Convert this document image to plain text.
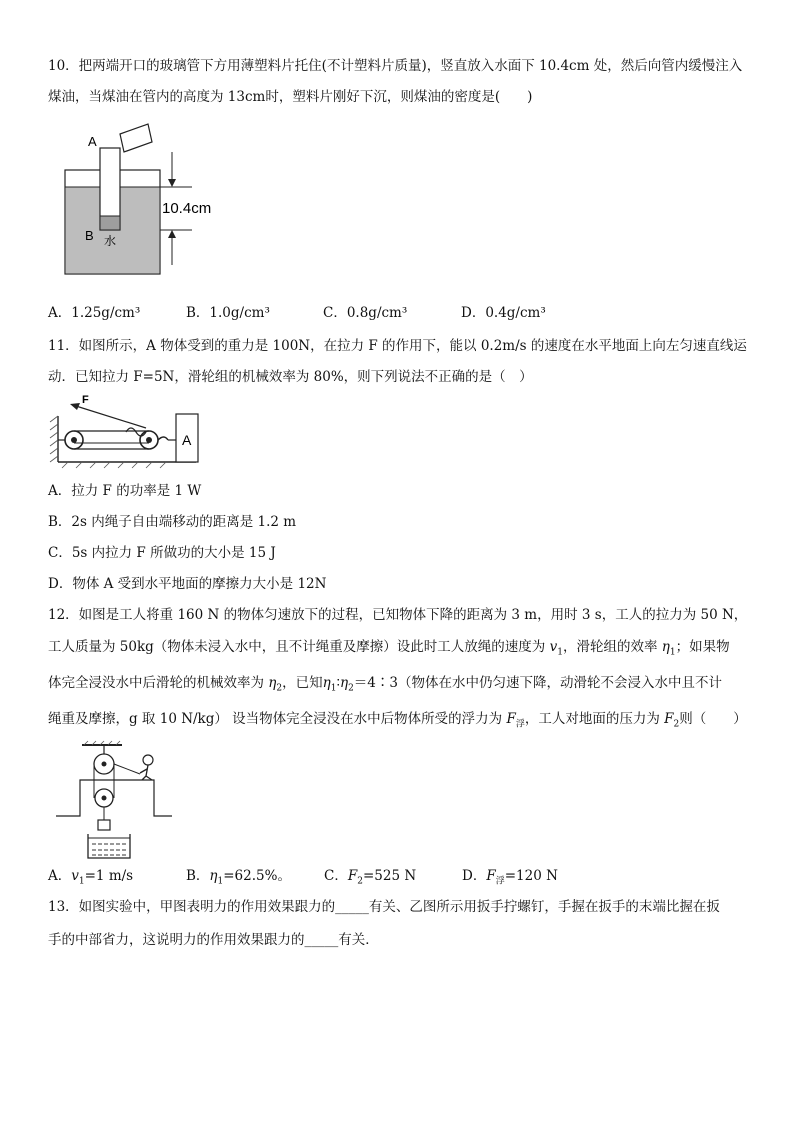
10．把两端开口的玻璃管下方用薄塑料片托住(不计塑料片质量)，竖直放入水面下 10.4cm 处，然后向管内缓慢注入
煤油，当煤油在管内的高度为 13cm时，塑料片刚好下沉，则煤油的密度是(　　)
A
B 水
10.4cm
A．1.25g/cm³	B．1.0g/cm³	C．0.8g/cm³	D．0.4g/cm³
11．如图所示，A 物体受到的重力是 100N，在拉力 F 的作用下，能以 0.2m/s 的速度在水平地面上向左匀速直线运
动．已知拉力 F=5N，滑轮组的机械效率为 80%，则下列说法不正确的是（　）
A
F
A．拉力 F 的功率是 1 W
B．2s 内绳子自由端移动的距离是 1.2 m
C．5s 内拉力 F 所做功的大小是 15 J
D．物体 A 受到水平地面的摩擦力大小是 12N
12．如图是工人将重 160 N 的物体匀速放下的过程，已知物体下降的距离为 3 m，用时 3 s，工人的拉力为 50 N，
工人质量为 50kg（物体未浸入水中，且不计绳重及摩擦）设此时工人放绳的速度为 $v_1$，滑轮组的效率 $\eta_1$；如果物
体完全浸没水中后滑轮的机械效率为 $\eta_2$，已知$\eta_1∶\eta_2=4∶3$（物体在水中仍匀速下降，动滑轮不会浸入水中且不计
绳重及摩擦，g 取 10 N/kg） 设当物体完全浸没在水中后物体所受的浮力为 $F_浮$，工人对地面的压力为 $F_2$则（　　）
A．$v_1=1$ m/s	B．$\eta_1=62.5\%$。 C．$F_2=525$ N	D．$F_浮=120$ N
13．如图实验中，甲图表明力的作用效果跟力的_____有关、乙图所示用扳手拧螺钉，手握在扳手的末端比握在扳
手的中部省力，这说明力的作用效果跟力的_____有关．
